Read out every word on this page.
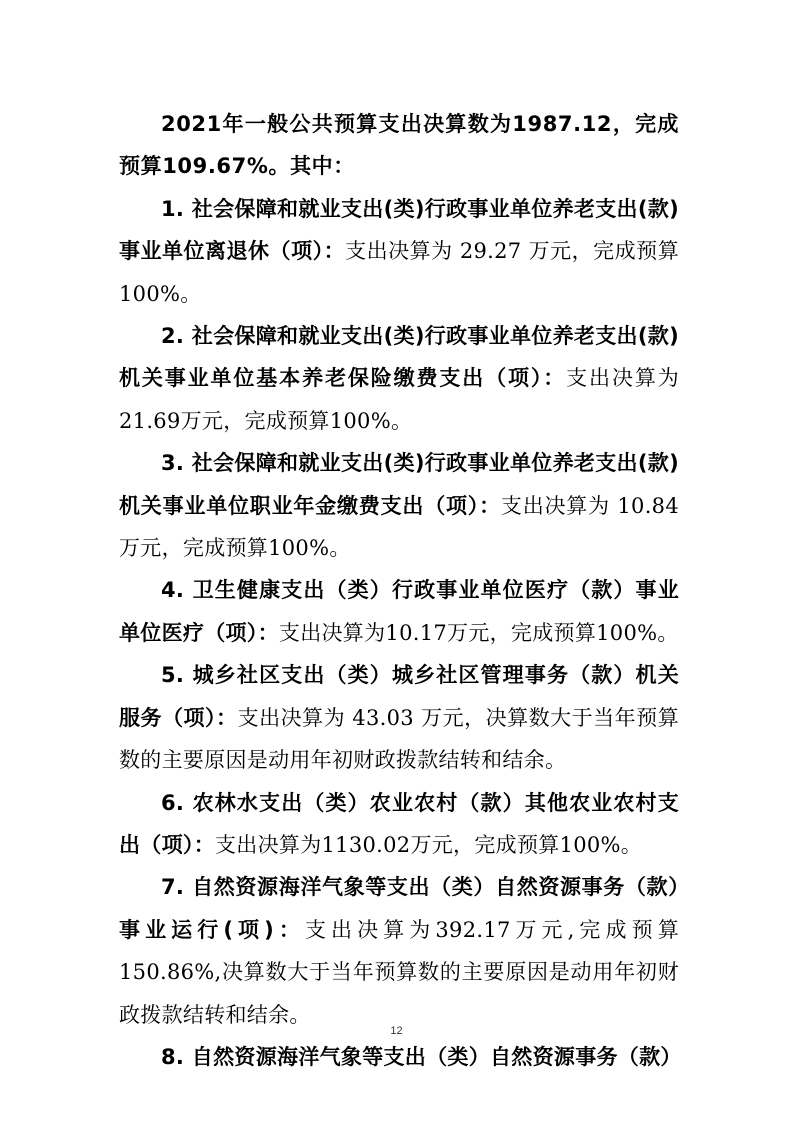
2021年一般公共预算支出决算数为1987.12，完成预算109.67%。其中：

1. 社会保障和就业支出(类)行政事业单位养老支出(款)事业单位离退休（项）：支出决算为 29.27 万元，完成预算100%。

2. 社会保障和就业支出(类)行政事业单位养老支出(款)机关事业单位基本养老保险缴费支出（项）：支出决算为21.69万元，完成预算100%。

3. 社会保障和就业支出(类)行政事业单位养老支出(款)机关事业单位职业年金缴费支出（项）：支出决算为 10.84万元，完成预算100%。

4. 卫生健康支出（类）行政事业单位医疗（款）事业单位医疗（项）：支出决算为10.17万元，完成预算100%。

5. 城乡社区支出（类）城乡社区管理事务（款）机关服务（项）：支出决算为 43.03 万元，决算数大于当年预算数的主要原因是动用年初财政拨款结转和结余。

6. 农林水支出（类）农业农村（款）其他农业农村支出（项）：支出决算为1130.02万元，完成预算100%。

7. 自然资源海洋气象等支出（类）自然资源事务（款）事业运行(项)：支出决算为392.17万元,完成预算150.86%,决算数大于当年预算数的主要原因是动用年初财政拨款结转和结余。

8. 自然资源海洋气象等支出（类）自然资源事务（款）

12
